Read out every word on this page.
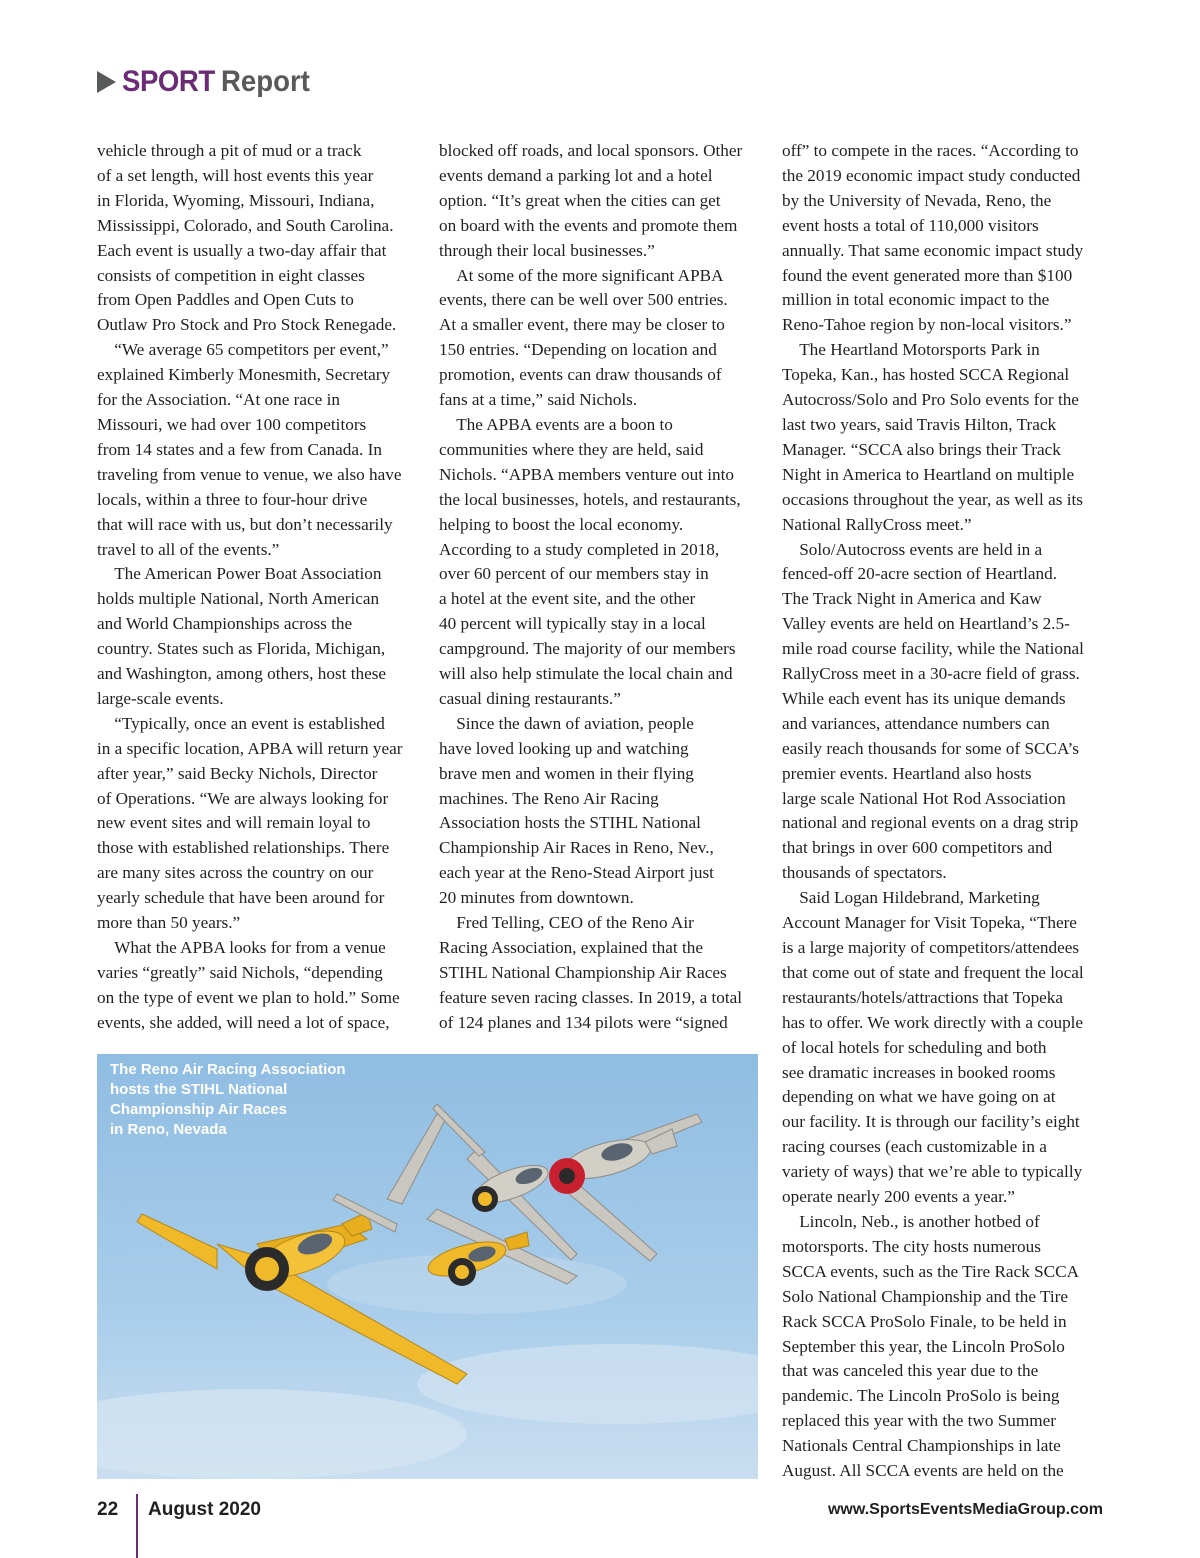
SPORT Report

vehicle through a pit of mud or a track

of a set length, will host events this year

in Florida, Wyoming, Missouri, Indiana,

Mississippi, Colorado, and South Carolina.

Each event is usually a two-day affair that

consists of competition in eight classes

from Open Paddles and Open Cuts to

Outlaw Pro Stock and Pro Stock Renegade.

 “We average 65 competitors per event,”

explained Kimberly Monesmith, Secretary

for the Association. “At one race in

Missouri, we had over 100 competitors

from 14 states and a few from Canada. In

traveling from venue to venue, we also have

locals, within a three to four-hour drive

that will race with us, but don’t necessarily

travel to all of the events.”

 The American Power Boat Association

holds multiple National, North American

and World Championships across the

country. States such as Florida, Michigan,

and Washington, among others, host these

large-scale events.

 “Typically, once an event is established

in a specific location, APBA will return year

after year,” said Becky Nichols, Director

of Operations. “We are always looking for

new event sites and will remain loyal to

those with established relationships. There

are many sites across the country on our

yearly schedule that have been around for

more than 50 years.”

 What the APBA looks for from a venue

varies “greatly” said Nichols, “depending

on the type of event we plan to hold.” Some

events, she added, will need a lot of space,

blocked off roads, and local sponsors. Other

events demand a parking lot and a hotel

option. “It’s great when the cities can get

on board with the events and promote them

through their local businesses.”

 At some of the more significant APBA

events, there can be well over 500 entries.

At a smaller event, there may be closer to

150 entries. “Depending on location and

promotion, events can draw thousands of

fans at a time,” said Nichols.

 The APBA events are a boon to

communities where they are held, said

Nichols. “APBA members venture out into

the local businesses, hotels, and restaurants,

helping to boost the local economy.

According to a study completed in 2018,

over 60 percent of our members stay in

a hotel at the event site, and the other

40 percent will typically stay in a local

campground. The majority of our members

will also help stimulate the local chain and

casual dining restaurants.”

 Since the dawn of aviation, people

have loved looking up and watching

brave men and women in their flying

machines. The Reno Air Racing

Association hosts the STIHL National

Championship Air Races in Reno, Nev.,

each year at the Reno-Stead Airport just

20 minutes from downtown.

 Fred Telling, CEO of the Reno Air

Racing Association, explained that the

STIHL National Championship Air Races

feature seven racing classes. In 2019, a total

of 124 planes and 134 pilots were “signed

off” to compete in the races. “According to

the 2019 economic impact study conducted

by the University of Nevada, Reno, the

event hosts a total of 110,000 visitors

annually. That same economic impact study

found the event generated more than $100

million in total economic impact to the

Reno-Tahoe region by non-local visitors.”

 The Heartland Motorsports Park in

Topeka, Kan., has hosted SCCA Regional

Autocross/Solo and Pro Solo events for the

last two years, said Travis Hilton, Track

Manager. “SCCA also brings their Track

Night in America to Heartland on multiple

occasions throughout the year, as well as its

National RallyCross meet.”

 Solo/Autocross events are held in a

fenced-off 20-acre section of Heartland.

The Track Night in America and Kaw

Valley events are held on Heartland’s 2.5-

mile road course facility, while the National

RallyCross meet in a 30-acre field of grass.

While each event has its unique demands

and variances, attendance numbers can

easily reach thousands for some of SCCA’s

premier events. Heartland also hosts

large scale National Hot Rod Association

national and regional events on a drag strip

that brings in over 600 competitors and

thousands of spectators.

 Said Logan Hildebrand, Marketing

Account Manager for Visit Topeka, “There

is a large majority of competitors/attendees

that come out of state and frequent the local

restaurants/hotels/attractions that Topeka

has to offer. We work directly with a couple

of local hotels for scheduling and both

see dramatic increases in booked rooms

depending on what we have going on at

our facility. It is through our facility’s eight

racing courses (each customizable in a

variety of ways) that we’re able to typically

operate nearly 200 events a year.”

 Lincoln, Neb., is another hotbed of

motorsports. The city hosts numerous

SCCA events, such as the Tire Rack SCCA

Solo National Championship and the Tire

Rack SCCA ProSolo Finale, to be held in

September this year, the Lincoln ProSolo

that was canceled this year due to the

pandemic. The Lincoln ProSolo is being

replaced this year with the two Summer

Nationals Central Championships in late

August. All SCCA events are held on the

The Reno Air Racing Association
hosts the STIHL National
Championship Air Races
in Reno, Nevada
22 August 2020	www.SportsEventsMediaGroup.com
